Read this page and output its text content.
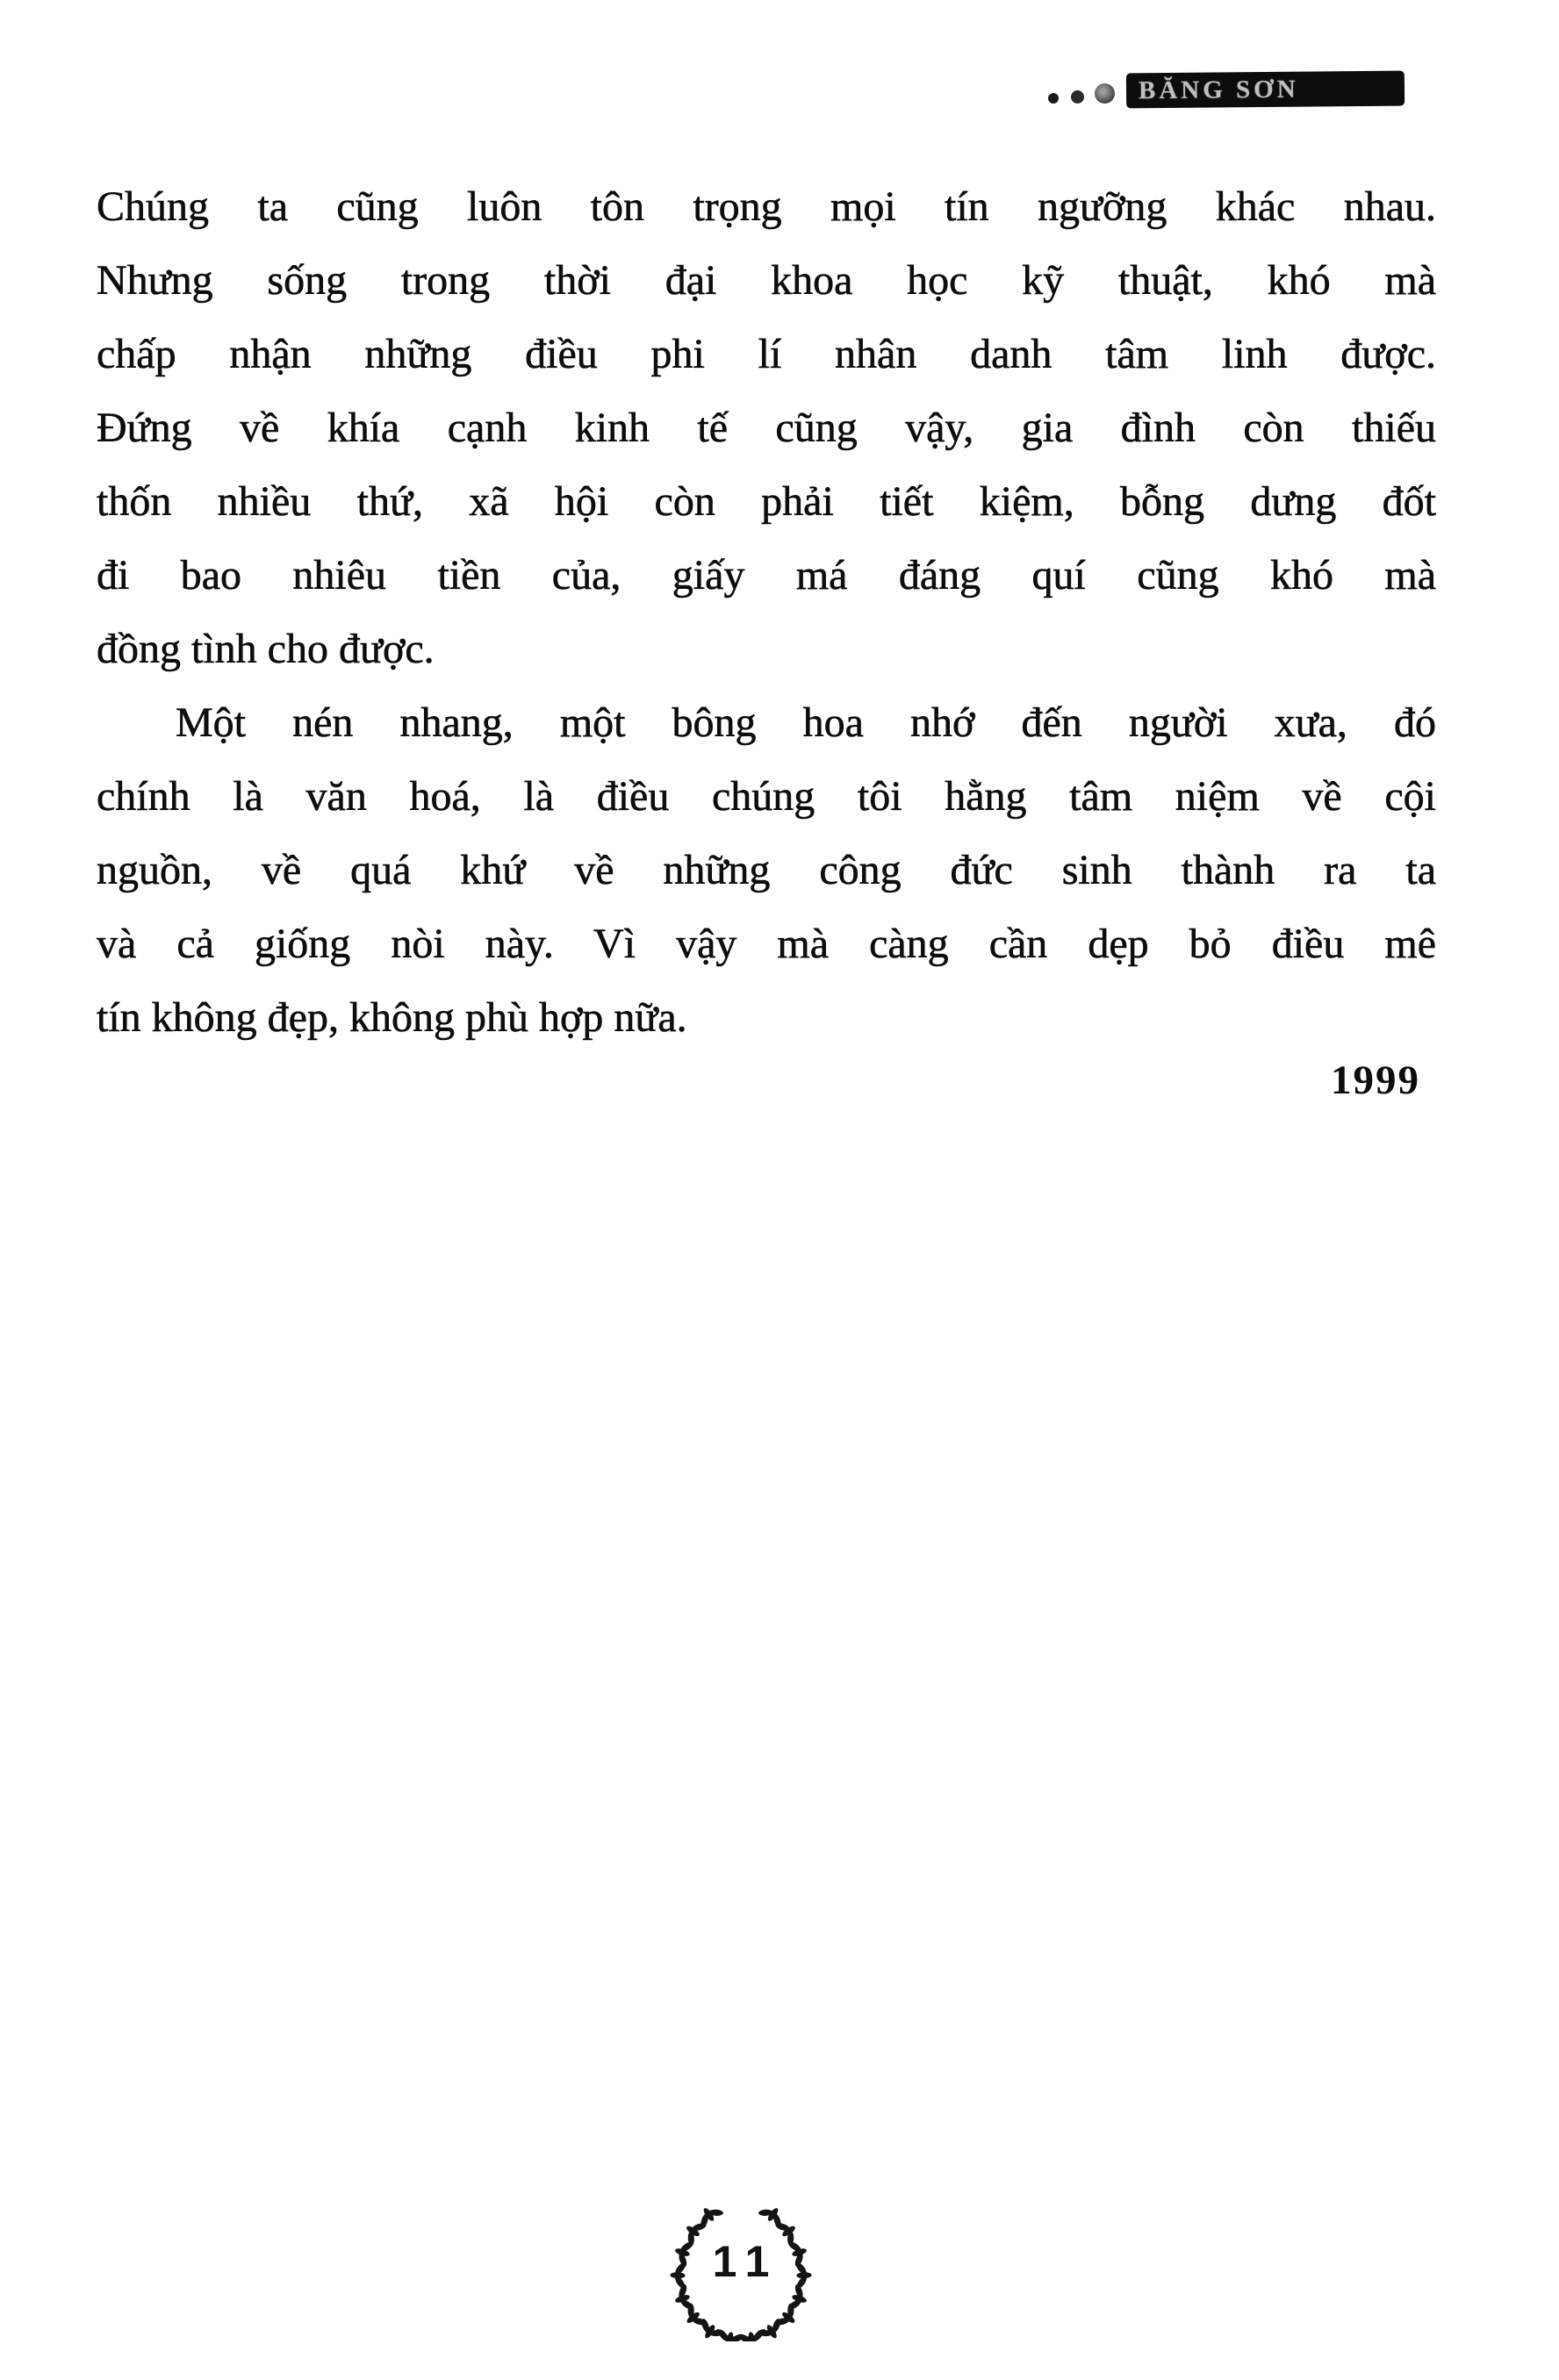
BĂNG SƠN
Chúng ta cũng luôn tôn trọng mọi tín ngưỡng khác nhau.
Nhưng sống trong thời đại khoa học kỹ thuật, khó mà
chấp nhận những điều phi lí nhân danh tâm linh được.
Đứng về khía cạnh kinh tế cũng vậy, gia đình còn thiếu
thốn nhiều thứ, xã hội còn phải tiết kiệm, bỗng dưng đốt
đi bao nhiêu tiền của, giấy má đáng quí cũng khó mà
đồng tình cho được.
Một nén nhang, một bông hoa nhớ đến người xưa, đó
chính là văn hoá, là điều chúng tôi hằng tâm niệm về cội
nguồn, về quá khứ về những công đức sinh thành ra ta
và cả giống nòi này. Vì vậy mà càng cần dẹp bỏ điều mê
tín không đẹp, không phù hợp nữa.
1999
11
